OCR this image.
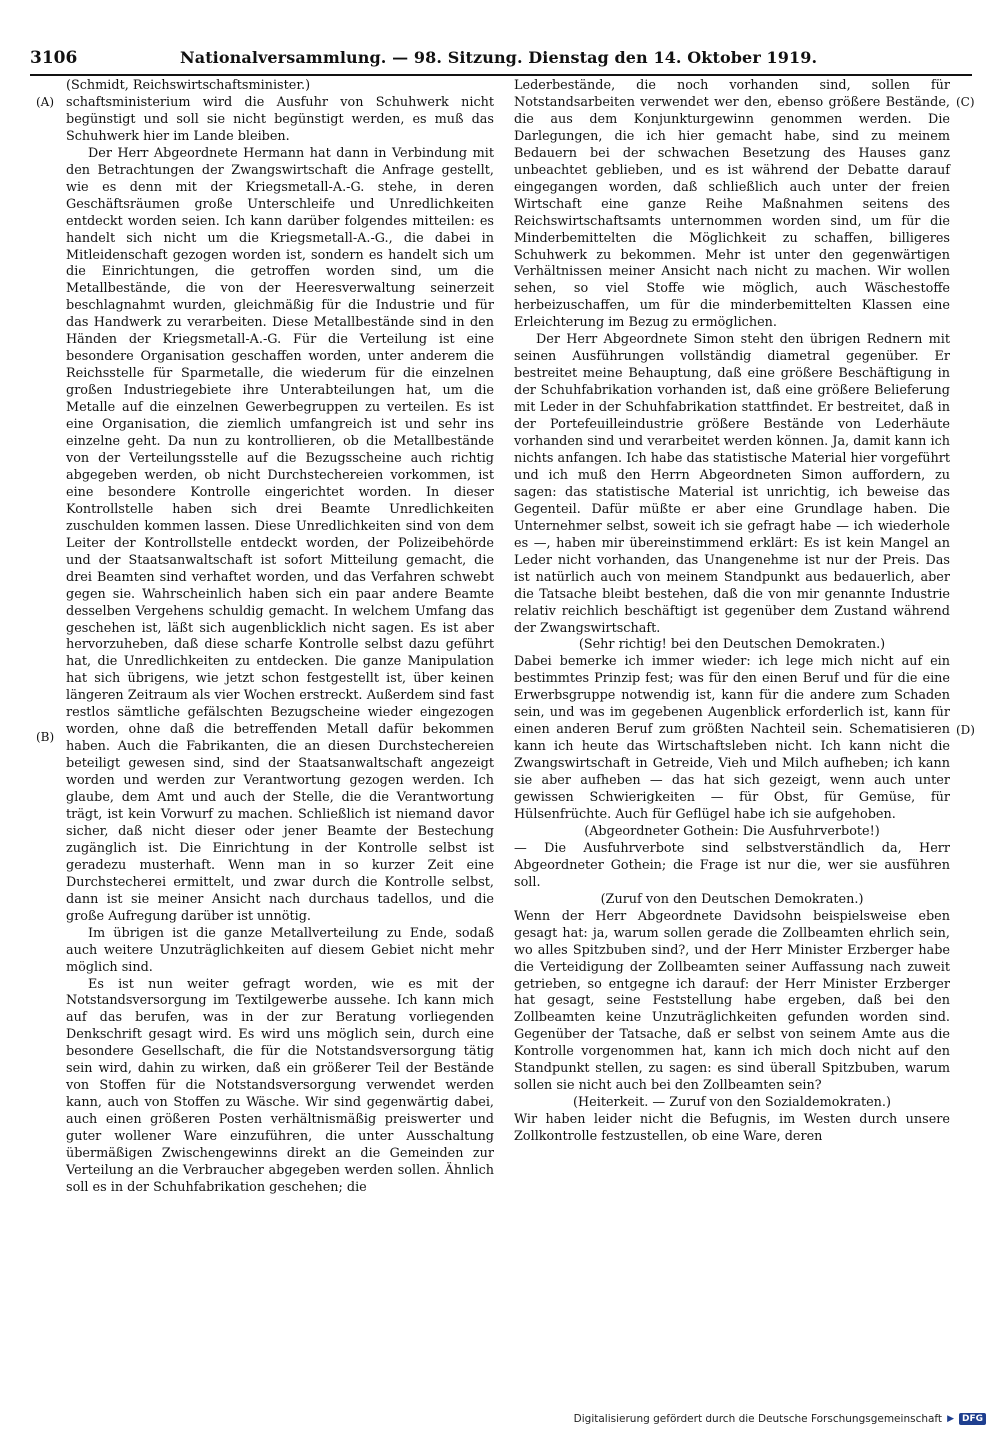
3106	Nationalversammlung. — 98. Sitzung. Dienstag den 14. Oktober 1919.
(A)
(B)
(C)
(D)

(Schmidt, Reichswirtschaftsminister.)

schaftsministerium wird die Ausfuhr von Schuhwerk nicht begünstigt und soll sie nicht begünstigt werden, es muß das Schuhwerk hier im Lande bleiben.

Der Herr Abgeordnete Hermann hat dann in Verbindung mit den Betrachtungen der Zwangswirtschaft die Anfrage gestellt, wie es denn mit der Kriegsmetall-A.-G. stehe, in deren Geschäftsräumen große Unterschleife und Unredlichkeiten entdeckt worden seien. Ich kann darüber folgendes mitteilen: es handelt sich nicht um die Kriegsmetall-A.-G., die dabei in Mitleidenschaft gezogen worden ist, sondern es handelt sich um die Einrichtungen, die getroffen worden sind, um die Metallbestände, die von der Heeresverwaltung seinerzeit beschlagnahmt wurden, gleichmäßig für die Industrie und für das Handwerk zu verarbeiten. Diese Metallbestände sind in den Händen der Kriegsmetall-A.-G. Für die Verteilung ist eine besondere Organisation geschaffen worden, unter anderem die Reichsstelle für Sparmetalle, die wiederum für die einzelnen großen Industriegebiete ihre Unterabteilungen hat, um die Metalle auf die einzelnen Gewerbegruppen zu verteilen. Es ist eine Organisation, die ziemlich umfangreich ist und sehr ins einzelne geht. Da nun zu kontrollieren, ob die Metallbestände von der Verteilungsstelle auf die Bezugsscheine auch richtig abgegeben werden, ob nicht Durchstechereien vorkommen, ist eine besondere Kontrolle eingerichtet worden. In dieser Kontrollstelle haben sich drei Beamte Unredlichkeiten zuschulden kommen lassen. Diese Unredlichkeiten sind von dem Leiter der Kontrollstelle entdeckt worden, der Polizeibehörde und der Staatsanwaltschaft ist sofort Mitteilung gemacht, die drei Beamten sind verhaftet worden, und das Verfahren schwebt gegen sie. Wahrscheinlich haben sich ein paar andere Beamte desselben Vergehens schuldig gemacht. In welchem Umfang das geschehen ist, läßt sich augenblicklich nicht sagen. Es ist aber hervorzuheben, daß diese scharfe Kontrolle selbst dazu geführt hat, die Unredlichkeiten zu entdecken. Die ganze Manipulation hat sich übrigens, wie jetzt schon festgestellt ist, über keinen längeren Zeitraum als vier Wochen erstreckt. Außerdem sind fast restlos sämtliche gefälschten Bezugscheine wieder eingezogen worden, ohne daß die betreffenden Metall dafür bekommen haben. Auch die Fabrikanten, die an diesen Durchstechereien beteiligt gewesen sind, sind der Staatsanwaltschaft angezeigt worden und werden zur Verantwortung gezogen werden. Ich glaube, dem Amt und auch der Stelle, die die Verantwortung trägt, ist kein Vorwurf zu machen. Schließlich ist niemand davor sicher, daß nicht dieser oder jener Beamte der Bestechung zugänglich ist. Die Einrichtung in der Kontrolle selbst ist geradezu musterhaft. Wenn man in so kurzer Zeit eine Durchstecherei ermittelt, und zwar durch die Kontrolle selbst, dann ist sie meiner Ansicht nach durchaus tadellos, und die große Aufregung darüber ist unnötig.

Im übrigen ist die ganze Metallverteilung zu Ende, sodaß auch weitere Unzuträglichkeiten auf diesem Gebiet nicht mehr möglich sind.

Es ist nun weiter gefragt worden, wie es mit der Notstandsversorgung im Textilgewerbe aussehe. Ich kann mich auf das berufen, was in der zur Beratung vorliegenden Denkschrift gesagt wird. Es wird uns möglich sein, durch eine besondere Gesellschaft, die für die Notstandsversorgung tätig sein wird, dahin zu wirken, daß ein größerer Teil der Bestände von Stoffen für die Notstandsversorgung verwendet werden kann, auch von Stoffen zu Wäsche. Wir sind gegenwärtig dabei, auch einen größeren Posten verhältnismäßig preiswerter und guter wollener Ware einzuführen, die unter Ausschaltung übermäßigen Zwischengewinns direkt an die Gemeinden zur Verteilung an die Verbraucher abgegeben werden sollen. Ähnlich soll es in der Schuhfabrikation geschehen; die

Lederbestände, die noch vorhanden sind, sollen für Notstandsarbeiten verwendet wer den, ebenso größere Bestände, die aus dem Konjunkturgewinn genommen werden. Die Darlegungen, die ich hier gemacht habe, sind zu meinem Bedauern bei der schwachen Besetzung des Hauses ganz unbeachtet geblieben, und es ist während der Debatte darauf eingegangen worden, daß schließlich auch unter der freien Wirtschaft eine ganze Reihe Maßnahmen seitens des Reichswirtschaftsamts unternommen worden sind, um für die Minderbemittelten die Möglichkeit zu schaffen, billigeres Schuhwerk zu bekommen. Mehr ist unter den gegenwärtigen Verhältnissen meiner Ansicht nach nicht zu machen. Wir wollen sehen, so viel Stoffe wie möglich, auch Wäschestoffe herbeizuschaffen, um für die minderbemittelten Klassen eine Erleichterung im Bezug zu ermöglichen.

Der Herr Abgeordnete Simon steht den übrigen Rednern mit seinen Ausführungen vollständig diametral gegenüber. Er bestreitet meine Behauptung, daß eine größere Beschäftigung in der Schuhfabrikation vorhanden ist, daß eine größere Belieferung mit Leder in der Schuhfabrikation stattfindet. Er bestreitet, daß in der Portefeuilleindustrie größere Bestände von Lederhäute vorhanden sind und verarbeitet werden können. Ja, damit kann ich nichts anfangen. Ich habe das statistische Material hier vorgeführt und ich muß den Herrn Abgeordneten Simon auffordern, zu sagen: das statistische Material ist unrichtig, ich beweise das Gegenteil. Dafür müßte er aber eine Grundlage haben. Die Unternehmer selbst, soweit ich sie gefragt habe — ich wiederhole es —, haben mir übereinstimmend erklärt: Es ist kein Mangel an Leder nicht vorhanden, das Unangenehme ist nur der Preis. Das ist natürlich auch von meinem Standpunkt aus bedauerlich, aber die Tatsache bleibt bestehen, daß die von mir genannte Industrie relativ reichlich beschäftigt ist gegenüber dem Zustand während der Zwangswirtschaft.

(Sehr richtig! bei den Deutschen Demokraten.)

Dabei bemerke ich immer wieder: ich lege mich nicht auf ein bestimmtes Prinzip fest; was für den einen Beruf und für die eine Erwerbsgruppe notwendig ist, kann für die andere zum Schaden sein, und was im gegebenen Augenblick erforderlich ist, kann für einen anderen Beruf zum größten Nachteil sein. Schematisieren kann ich heute das Wirtschaftsleben nicht. Ich kann nicht die Zwangswirtschaft in Getreide, Vieh und Milch aufheben; ich kann sie aber aufheben — das hat sich gezeigt, wenn auch unter gewissen Schwierigkeiten — für Obst, für Gemüse, für Hülsenfrüchte. Auch für Geflügel habe ich sie aufgehoben.

(Abgeordneter Gothein: Die Ausfuhrverbote!)

— Die Ausfuhrverbote sind selbstverständlich da, Herr Abgeordneter Gothein; die Frage ist nur die, wer sie ausführen soll.

(Zuruf von den Deutschen Demokraten.)

Wenn der Herr Abgeordnete Davidsohn beispielsweise eben gesagt hat: ja, warum sollen gerade die Zollbeamten ehrlich sein, wo alles Spitzbuben sind?, und der Herr Minister Erzberger habe die Verteidigung der Zollbeamten seiner Auffassung nach zuweit getrieben, so entgegne ich darauf: der Herr Minister Erzberger hat gesagt, seine Feststellung habe ergeben, daß bei den Zollbeamten keine Unzuträglichkeiten gefunden worden sind. Gegenüber der Tatsache, daß er selbst von seinem Amte aus die Kontrolle vorgenommen hat, kann ich mich doch nicht auf den Standpunkt stellen, zu sagen: es sind überall Spitzbuben, warum sollen sie nicht auch bei den Zollbeamten sein?

(Heiterkeit. — Zuruf von den Sozialdemokraten.)

Wir haben leider nicht die Befugnis, im Westen durch unsere Zollkontrolle festzustellen, ob eine Ware, deren

Digitalisierung gefördert durch die Deutsche Forschungsgemeinschaft ▶ DFG
